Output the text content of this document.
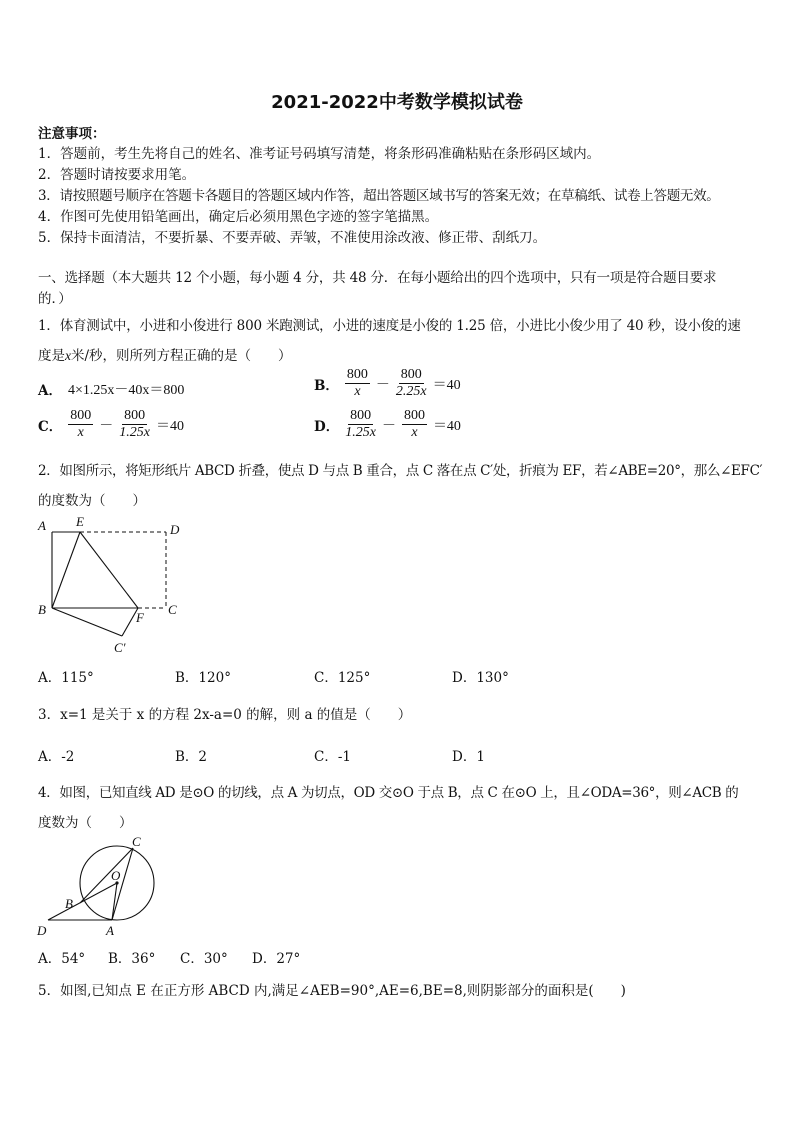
2021-2022中考数学模拟试卷
注意事项：
1．答题前，考生先将自己的姓名、准考证号码填写清楚，将条形码准确粘贴在条形码区域内。
2．答题时请按要求用笔。
3．请按照题号顺序在答题卡各题目的答题区域内作答，超出答题区域书写的答案无效；在草稿纸、试卷上答题无效。
4．作图可先使用铅笔画出，确定后必须用黑色字迹的签字笔描黑。
5．保持卡面清洁，不要折暴、不要弄破、弄皱，不准使用涂改液、修正带、刮纸刀。
一、选择题（本大题共 12 个小题，每小题 4 分，共 48 分．在每小题给出的四个选项中，只有一项是符合题目要求
的．）
1．体育测试中，小进和小俊进行 800 米跑测试，小进的速度是小俊的 1.25 倍，小进比小俊少用了 40 秒，设小俊的速
度是x米/秒，则所列方程正确的是（　　）
A． 4×1.25x－40x＝800	B． $\frac{800}{x} - \frac{800}{2.25x} =40$
C． $\frac{800}{x} - \frac{800}{1.25x} =40$	D． $\frac{800}{1.25x} - \frac{800}{x} =40$
2．如图所示，将矩形纸片 ABCD 折叠，使点 D 与点 B 重合，点 C 落在点 C′处，折痕为 EF，若∠ABE=20°，那么∠EFC′
的度数为（　　）
A E
D
B
F
C
C′
A．115°	B．120°	C．125°	D．130°
3．x=1 是关于 x 的方程 2x-a=0 的解，则 a 的值是（　　）
A．-2	B．2	C．-1	D．1
4．如图，已知直线 AD 是⊙O 的切线，点 A 为切点，OD 交⊙O 于点 B，点 C 在⊙O 上，且∠ODA=36°，则∠ACB 的
度数为（　　）
C
O
B
D	A
A．54° B．36° C．30° D．27°
5．如图,已知点 E 在正方形 ABCD 内,满足∠AEB=90°,AE=6,BE=8,则阴影部分的面积是(　　)
